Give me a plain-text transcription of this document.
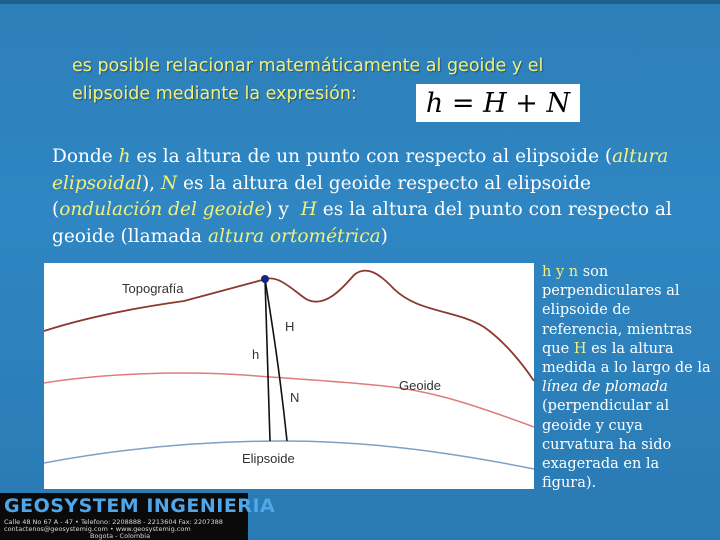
es posible relacionar matemáticamente al geoide y el
elipsoide mediante la expresión:	h = H + N
Donde h es la altura de un punto con respecto al elipsoide (altura elipsoidal), N es la altura del geoide respecto al elipsoide (ondulación del geoide) y  H es la altura del punto con respecto al geoide (llamada altura ortométrica)
Topografía
H
h
N
Geoide
Elipsoide
h y n son perpendiculares al elipsoide de referencia, mientras que H es la altura medida a lo largo de la línea de plomada (perpendicular al geoide y cuya curvatura ha sido exagerada en la figura).
GEOSYSTEM INGENIERIA
Calle 48 No 67 A - 47 • Telefono: 2208888 - 2213604 Fax: 2207388
contactenos@geosystemig.com • www.geosystemig.com
Bogota - Colombia
